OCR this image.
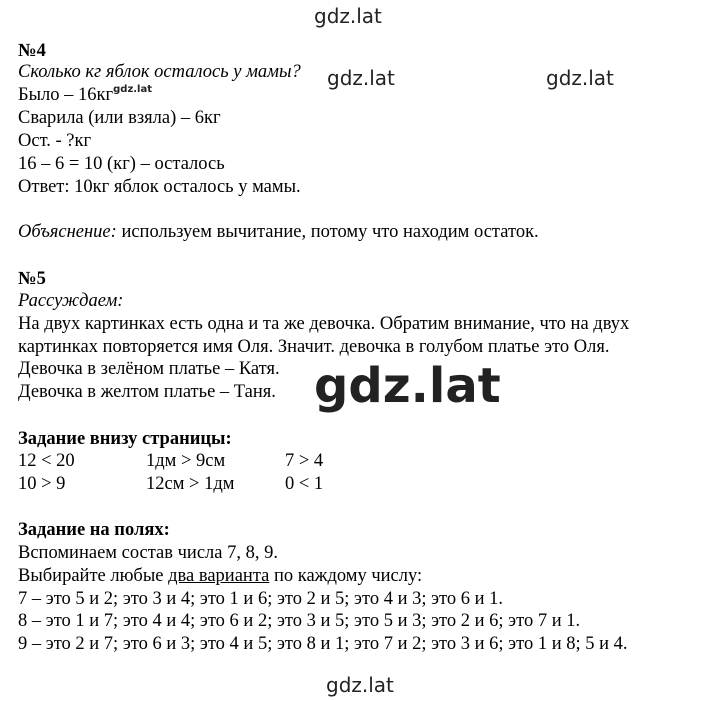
gdz.lat
gdz.lat	gdz.lat
gdz.lat
gdz.lat
№4
Сколько кг яблок осталось у мамы?
Было – $16кг^{gdz.lat}$
Сварила (или взяла) – 6кг
Ост. - ?кг
16 – 6 = 10 (кг) – осталось
Ответ: 10кг яблок осталось у мамы.
Объяснение: используем вычитание, потому что находим остаток.
№5
Рассуждаем:
На двух картинках есть одна и та же девочка. Обратим внимание, что на двух
картинках повторяется имя Оля. Значит. девочка в голубом платье это Оля.
Девочка в зелёном платье – Катя.
Девочка в желтом платье – Таня.
Задание внизу страницы:
12 < 20	1дм > 9см	7 > 4
10 > 9	12см > 1дм	0 < 1
Задание на полях:
Вспоминаем состав числа 7, 8, 9.
Выбирайте любые два варианта по каждому числу:
7 – это 5 и 2; это 3 и 4; это 1 и 6; это 2 и 5; это 4 и 3; это 6 и 1.
8 – это 1 и 7; это 4 и 4; это 6 и 2; это 3 и 5; это 5 и 3; это 2 и 6; это 7 и 1.
9 – это 2 и 7; это 6 и 3; это 4 и 5; это 8 и 1; это 7 и 2; это 3 и 6; это 1 и 8; 5 и 4.
